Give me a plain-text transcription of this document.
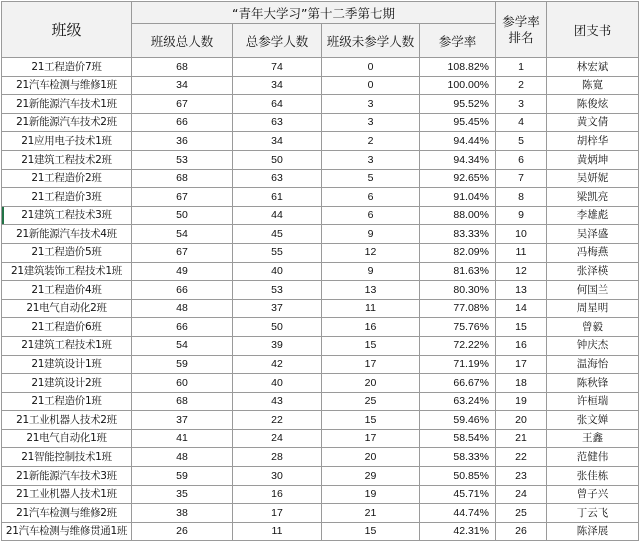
班级	“青年大学习”第十二季第七期				参学率排名	团支书
	班级总人数	总参学人数	班级未参学人数	参学率		
21工程造价7班	68	74	0	108.82%	1	林宏斌
21汽车检测与维修1班	34	34	0	100.00%	2	陈寛
21新能源汽车技术1班	67	64	3	95.52%	3	陈俊炫
21新能源汽车技术2班	66	63	3	95.45%	4	黄文倩
21应用电子技术1班	36	34	2	94.44%	5	胡梓华
21建筑工程技术2班	53	50	3	94.34%	6	黄炳坤
21工程造价2班	68	63	5	92.65%	7	吴妍妮
21工程造价3班	67	61	6	91.04%	8	梁凯亮
21建筑工程技术3班	50	44	6	88.00%	9	李雄彪
21新能源汽车技术4班	54	45	9	83.33%	10	吴泽盛
21工程造价5班	67	55	12	82.09%	11	冯梅燕
21建筑装饰工程技术1班	49	40	9	81.63%	12	张泽楧
21工程造价4班	66	53	13	80.30%	13	何国兰
21电气自动化2班	48	37	11	77.08%	14	周星明
21工程造价6班	66	50	16	75.76%	15	曾毅
21建筑工程技术1班	54	39	15	72.22%	16	钟庆杰
21建筑设计1班	59	42	17	71.19%	17	温海怡
21建筑设计2班	60	40	20	66.67%	18	陈秋锋
21工程造价1班	68	43	25	63.24%	19	许桓瑞
21工业机器人技术2班	37	22	15	59.46%	20	张文婵
21电气自动化1班	41	24	17	58.54%	21	王鑫
21智能控制技术1班	48	28	20	58.33%	22	范健伟
21新能源汽车技术3班	59	30	29	50.85%	23	张佳栋
21工业机器人技术1班	35	16	19	45.71%	24	曾子兴
21汽车检测与维修2班	38	17	21	44.74%	25	丁云飞
21汽车检测与维修贯通1班	26	11	15	42.31%	26	陈泽展
